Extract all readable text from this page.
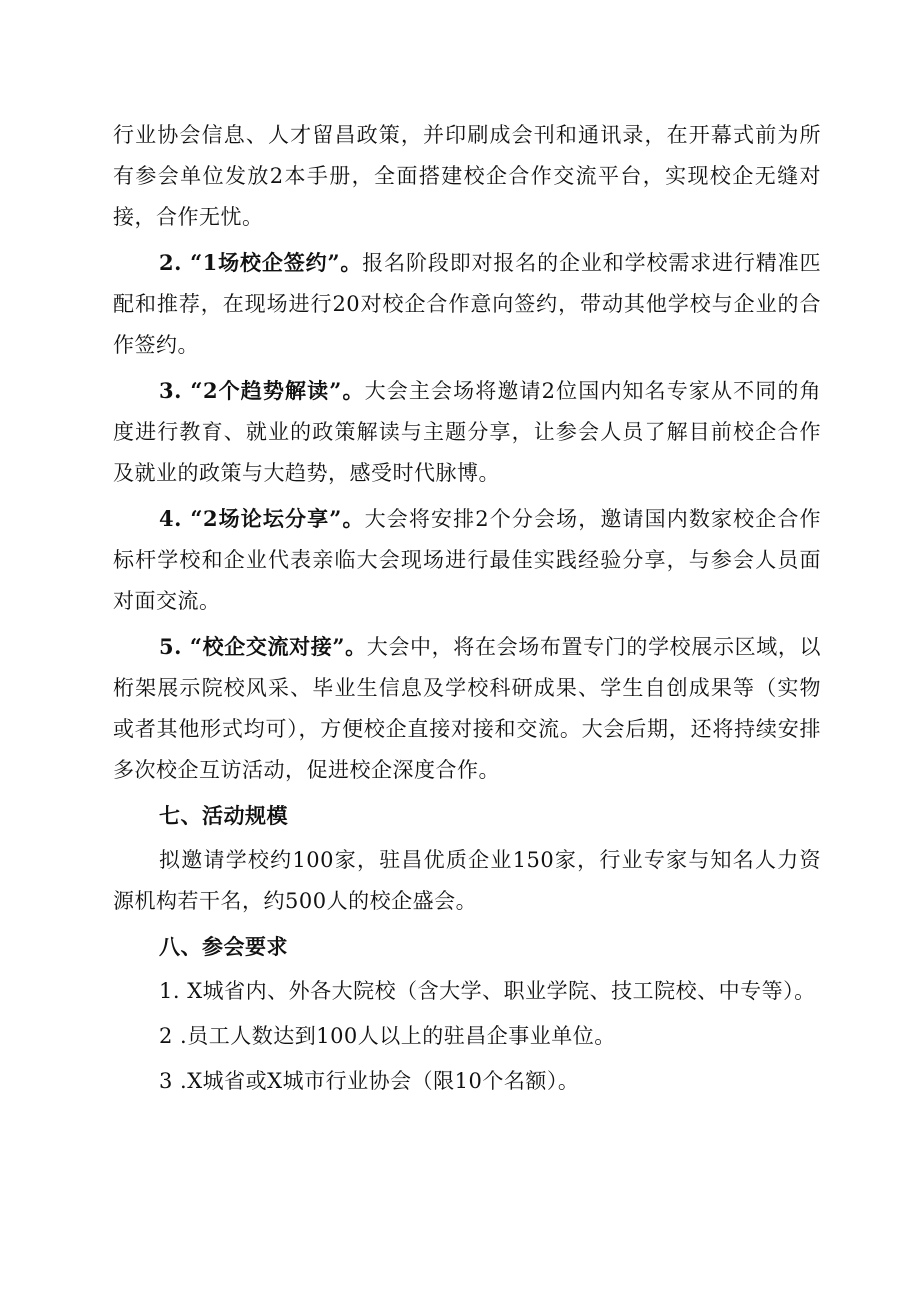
行业协会信息、人才留昌政策，并印刷成会刊和通讯录，在开幕式前为所有参会单位发放2本手册，全面搭建校企合作交流平台，实现校企无缝对接，合作无忧。

2. “1场校企签约”。报名阶段即对报名的企业和学校需求进行精准匹配和推荐，在现场进行20对校企合作意向签约，带动其他学校与企业的合作签约。

3. “2个趋势解读”。大会主会场将邀请2位国内知名专家从不同的角度进行教育、就业的政策解读与主题分享，让参会人员了解目前校企合作及就业的政策与大趋势，感受时代脉博。

4. “2场论坛分享”。大会将安排2个分会场，邀请国内数家校企合作标杆学校和企业代表亲临大会现场进行最佳实践经验分享，与参会人员面对面交流。

5. “校企交流对接”。大会中，将在会场布置专门的学校展示区域，以桁架展示院校风采、毕业生信息及学校科研成果、学生自创成果等（实物或者其他形式均可），方便校企直接对接和交流。大会后期，还将持续安排多次校企互访活动，促进校企深度合作。

七、活动规模

拟邀请学校约100家，驻昌优质企业150家，行业专家与知名人力资源机构若干名，约500人的校企盛会。

八、参会要求

1. X城省内、外各大院校（含大学、职业学院、技工院校、中专等）。

2 .员工人数达到100人以上的驻昌企事业单位。

3 .X城省或X城市行业协会（限10个名额）。
